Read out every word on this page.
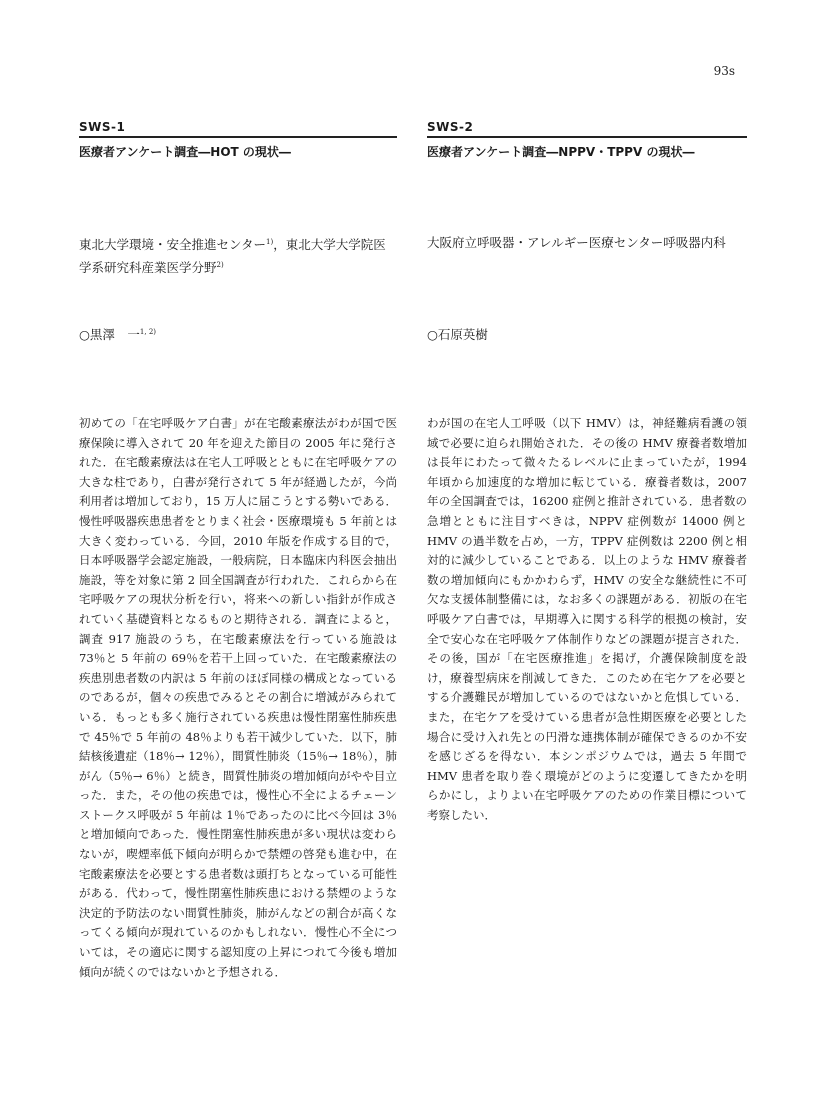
93s
SWS-1
医療者アンケート調査―HOT の現状―
東北大学環境・安全推進センター$^{1)}$，東北大学大学院医学系研究科産業医学分野$^{2)}$
○黒澤　一$^{1, 2)}$
初めての「在宅呼吸ケア白書」が在宅酸素療法がわが国で医療保険に導入されて 20 年を迎えた節目の 2005 年に発行された．在宅酸素療法は在宅人工呼吸とともに在宅呼吸ケアの大きな柱であり，白書が発行されて 5 年が経過したが，今尚利用者は増加しており，15 万人に届こうとする勢いである．慢性呼吸器疾患患者をとりまく社会・医療環境も 5 年前とは大きく変わっている．今回，2010 年版を作成する目的で，日本呼吸器学会認定施設，一般病院，日本臨床内科医会抽出施設，等を対象に第 2 回全国調査が行われた．これらから在宅呼吸ケアの現状分析を行い，将来への新しい指針が作成されていく基礎資料となるものと期待される．調査によると，調査 917 施設のうち，在宅酸素療法を行っている施設は 73％と 5 年前の 69％を若干上回っていた．在宅酸素療法の疾患別患者数の内訳は 5 年前のほぼ同様の構成となっているのであるが，個々の疾患でみるとその割合に増減がみられている．もっとも多く施行されている疾患は慢性閉塞性肺疾患で 45％で 5 年前の 48％よりも若干減少していた．以下，肺結核後遺症（18％→ 12％），間質性肺炎（15％→ 18％），肺がん（5％→ 6％）と続き，間質性肺炎の増加傾向がやや目立った．また，その他の疾患では，慢性心不全によるチェーンストークス呼吸が 5 年前は 1％であったのに比べ今回は 3％と増加傾向であった．慢性閉塞性肺疾患が多い現状は変わらないが，喫煙率低下傾向が明らかで禁煙の啓発も進む中，在宅酸素療法を必要とする患者数は頭打ちとなっている可能性がある．代わって，慢性閉塞性肺疾患における禁煙のような決定的予防法のない間質性肺炎，肺がんなどの割合が高くなってくる傾向が現れているのかもしれない．慢性心不全については，その適応に関する認知度の上昇につれて今後も増加傾向が続くのではないかと予想される．
SWS-2
医療者アンケート調査―NPPV・TPPV の現状―
大阪府立呼吸器・アレルギー医療センター呼吸器内科
○石原英樹
わが国の在宅人工呼吸（以下 HMV）は，神経難病看護の領域で必要に迫られ開始された．その後の HMV 療養者数増加は長年にわたって微々たるレベルに止まっていたが，1994 年頃から加速度的な増加に転じている．療養者数は，2007 年の全国調査では，16200 症例と推計されている．患者数の急増とともに注目すべきは，NPPV 症例数が 14000 例と HMV の過半数を占め，一方，TPPV 症例数は 2200 例と相対的に減少していることである．以上のような HMV 療養者数の増加傾向にもかかわらず，HMV の安全な継続性に不可欠な支援体制整備には，なお多くの課題がある．初版の在宅呼吸ケア白書では，早期導入に関する科学的根拠の検討，安全で安心な在宅呼吸ケア体制作りなどの課題が提言された．その後，国が「在宅医療推進」を掲げ，介護保険制度を設け，療養型病床を削減してきた．このため在宅ケアを必要とする介護難民が増加しているのではないかと危惧している．また，在宅ケアを受けている患者が急性期医療を必要とした場合に受け入れ先との円滑な連携体制が確保できるのか不安を感じざるを得ない．本シンポジウムでは，過去 5 年間で HMV 患者を取り巻く環境がどのように変遷してきたかを明らかにし，よりよい在宅呼吸ケアのための作業目標について考察したい．
